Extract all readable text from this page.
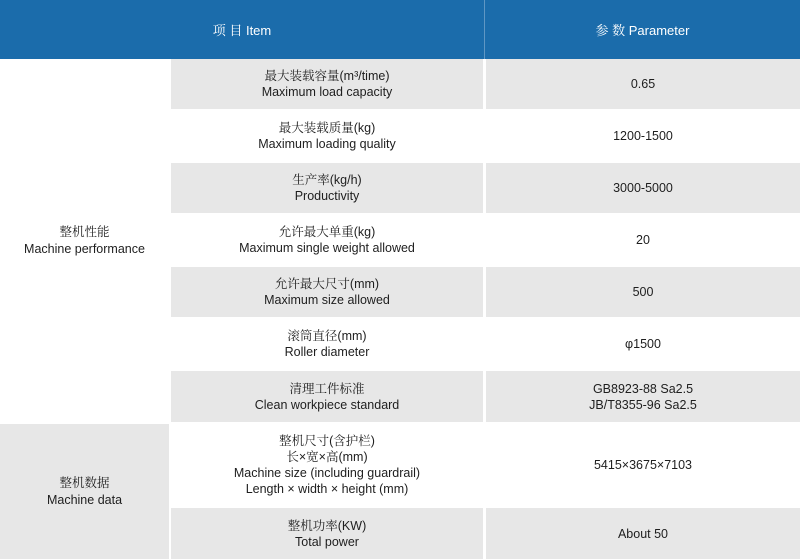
项 目 Item	参 数 Parameter
整机性能
Machine performance
整机数据
Machine data
最大装载容量(m³/time)
Maximum load capacity
0.65
最大装载质量(kg)
Maximum loading quality
1200-1500
生产率(kg/h)
Productivity
3000-5000
允许最大单重(kg)
Maximum single weight allowed
20
允许最大尺寸(mm)
Maximum size allowed
500
滚筒直径(mm)
Roller diameter
φ1500
清理工件标准
Clean workpiece standard
GB8923-88 Sa2.5
JB/T8355-96 Sa2.5
整机尺寸(含护栏)
长×宽×高(mm)
Machine size (including guardrail)
Length × width × height (mm)
5415×3675×7103
整机功率(KW)
Total power
About 50
